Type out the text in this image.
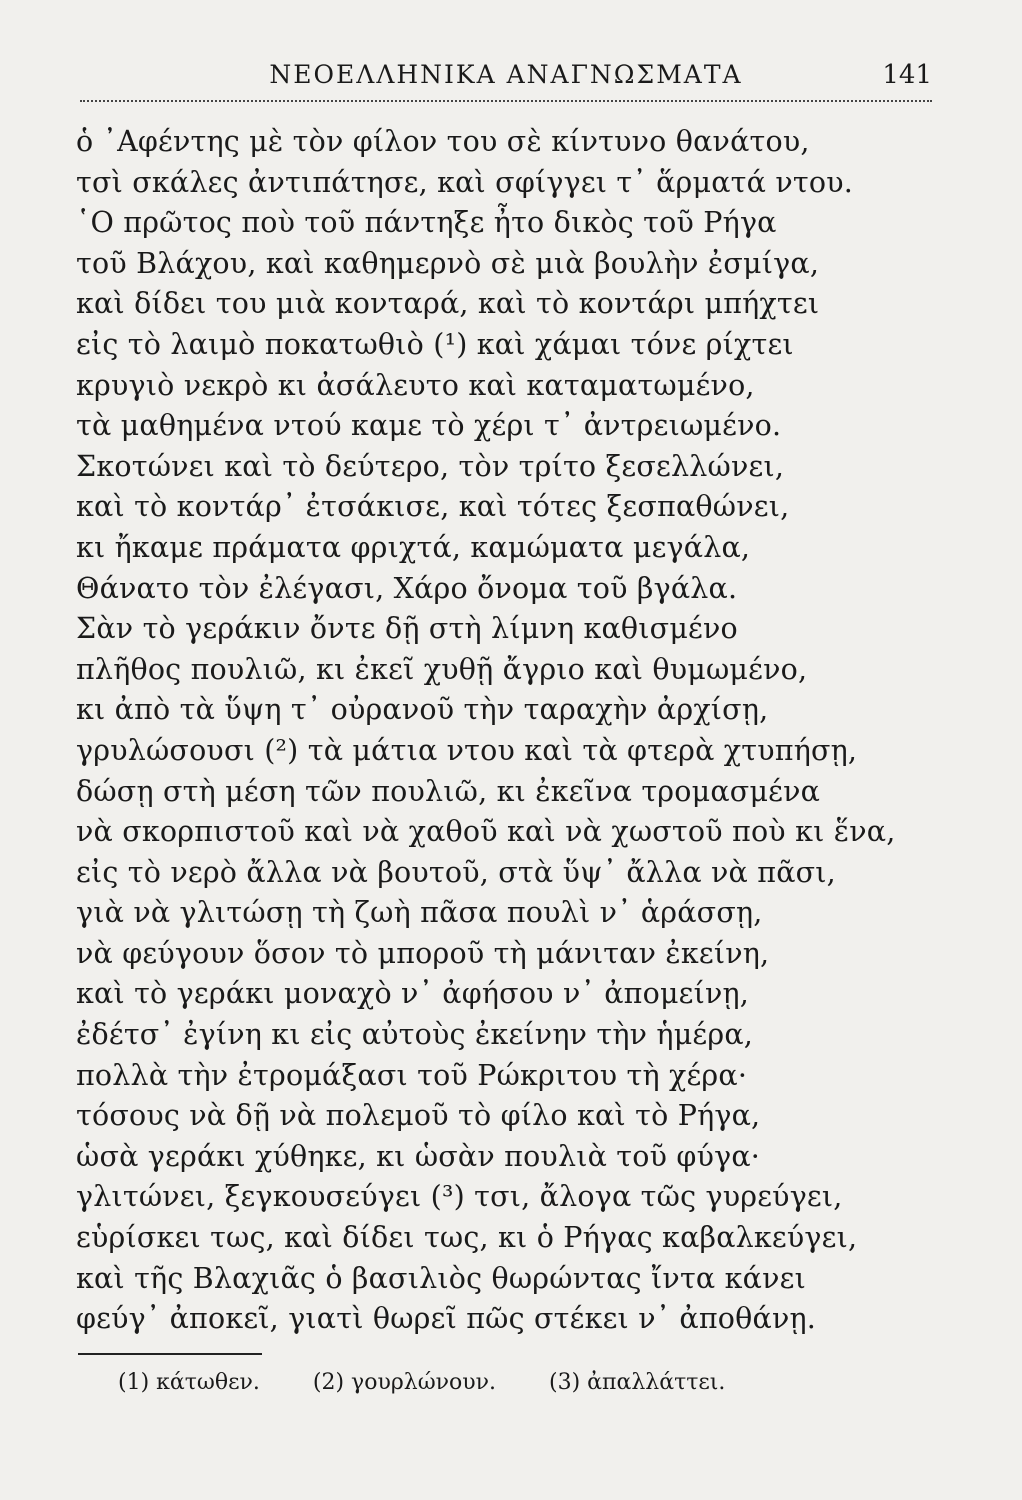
ΝΕΟΕΛΛΗΝΙΚΑ ΑΝΑΓΝΩΣΜΑΤΑ	141
ὁ ᾿Αφέντης μὲ τὸν φίλον του σὲ κίντυνο θανάτου,
τσὶ σκάλες ἀντιπάτησε, καὶ σφίγγει τ᾿ ἅρματά ντου.
῾Ο πρῶτος ποὺ τοῦ πάντηξε ἦτο δικὸς τοῦ Ρήγα
τοῦ Βλάχου, καὶ καθημερνὸ σὲ μιὰ βουλὴν ἐσμίγα,
καὶ δίδει του μιὰ κονταρά, καὶ τὸ κοντάρι μπήχτει
εἰς τὸ λαιμὸ ποκατωθιὸ (¹) καὶ χάμαι τόνε ρίχτει
κρυγιὸ νεκρὸ κι ἀσάλευτο καὶ καταματωμένο,
τὰ μαθημένα ντού καμε τὸ χέρι τ᾿ ἀντρειωμένο.
Σκοτώνει καὶ τὸ δεύτερο, τὸν τρίτο ξεσελλώνει,
καὶ τὸ κοντάρ᾿ ἐτσάκισε, καὶ τότες ξεσπαθώνει,
κι ἤκαμε πράματα φριχτά, καμώματα μεγάλα,
Θάνατο τὸν ἐλέγασι, Χάρο ὄνομα τοῦ βγάλα.
Σὰν τὸ γεράκιν ὄντε δῇ στὴ λίμνη καθισμένο
πλῆθος πουλιῶ, κι ἐκεῖ χυθῇ ἄγριο καὶ θυμωμένο,
κι ἀπὸ τὰ ὕψη τ᾿ οὐρανοῦ τὴν ταραχὴν ἀρχίσῃ,
γρυλώσουσι (²) τὰ μάτια ντου καὶ τὰ φτερὰ χτυπήσῃ,
δώσῃ στὴ μέση τῶν πουλιῶ, κι ἐκεῖνα τρομασμένα
νὰ σκορπιστοῦ καὶ νὰ χαθοῦ καὶ νὰ χωστοῦ ποὺ κι ἕνα,
εἰς τὸ νερὸ ἄλλα νὰ βουτοῦ, στὰ ὕψ᾿ ἄλλα νὰ πᾶσι,
γιὰ νὰ γλιτώσῃ τὴ ζωὴ πᾶσα πουλὶ ν᾿ ἁράσσῃ,
νὰ φεύγουν ὅσον τὸ μποροῦ τὴ μάνιταν ἐκείνη,
καὶ τὸ γεράκι μοναχὸ ν᾿ ἀφήσου ν᾿ ἀπομείνῃ,
ἐδέτσ᾿ ἐγίνη κι εἰς αὐτοὺς ἐκείνην τὴν ἡμέρα,
πολλὰ τὴν ἐτρομάξασι τοῦ Ρώκριτου τὴ χέρα·
τόσους νὰ δῇ νὰ πολεμοῦ τὸ φίλο καὶ τὸ Ρήγα,
ὡσὰ γεράκι χύθηκε, κι ὡσὰν πουλιὰ τοῦ φύγα·
γλιτώνει, ξεγκουσεύγει (³) τσι, ἄλογα τῶς γυρεύγει,
εὑρίσκει τως, καὶ δίδει τως, κι ὁ Ρήγας καβαλκεύγει,
καὶ τῆς Βλαχιᾶς ὁ βασιλιὸς θωρώντας ἴντα κάνει
φεύγ᾿ ἀποκεῖ, γιατὶ θωρεῖ πῶς στέκει ν᾿ ἀποθάνῃ.
(1) κάτωθεν. (2) γουρλώνουν. (3) ἀπαλλάττει.
